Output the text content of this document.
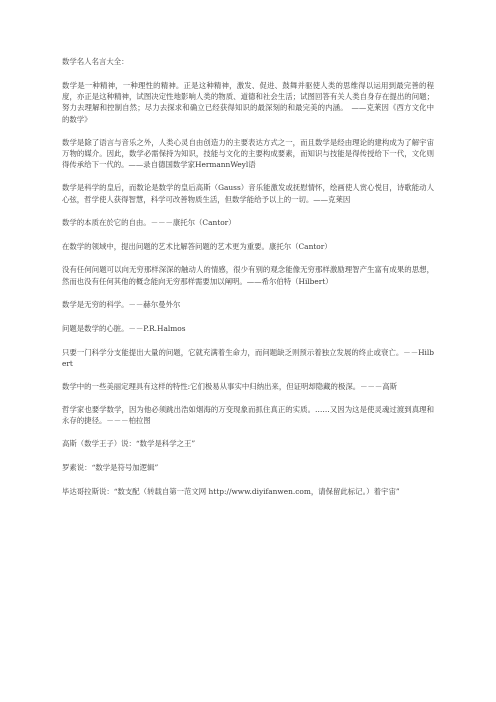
数学名人名言大全：
数学是一种精神，一种理性的精神。正是这种精神，激发、促进、鼓舞并驱使人类的思维得以运用到最完善的程度，亦正是这种精神，试图决定性地影响人类的物质、道德和社会生活；试图回答有关人类自身存在提出的问题；努力去理解和控制自然；尽力去探求和确立已经获得知识的最深刻的和最完美的内涵。　——克莱因《西方文化中的数学》
数学是除了语言与音乐之外，人类心灵自由创造力的主要表达方式之一，而且数学是经由理论的建构成为了解宇宙万物的媒介。因此，数学必需保持为知识，技能与文化的主要构成要素，而知识与技能是得传授给下一代，文化则得传承给下一代的。——录自德国数学家HermannWeyl语
数学是科学的皇后，而数论是数学的皇后高斯（Gauss）音乐能激发或抚慰情怀，绘画使人赏心悦目，诗歌能动人心弦，哲学使人获得智慧，科学可改善物质生活，但数学能给予以上的一切。——克莱因
数学的本质在於它的自由。－－－康托尔（Cantor）
在数学的领域中，提出问题的艺术比解答问题的艺术更为重要。康托尔（Cantor）
没有任何问题可以向无穷那样深深的触动人的情感，很少有别的观念能像无穷那样激励理智产生富有成果的思想，然而也没有任何其他的概念能向无穷那样需要加以阐明。——希尔伯特（Hilbert）
数学是无穷的科学。－－赫尔曼外尔
问题是数学的心脏。－－P.R.Halmos
只要一门科学分支能提出大量的问题，它就充满着生命力，而问题缺乏则预示着独立发展的终止或衰亡。－－Hilbert
数学中的一些美丽定理具有这样的特性:它们极易从事实中归纳出来，但证明却隐藏的极深。－－－高斯
哲学家也要学数学，因为他必须跳出浩如烟海的万变现象而抓住真正的实质。……又因为这是使灵魂过渡到真理和永存的捷径。－－－柏拉图
高斯（数学王子）说：“数学是科学之王”
罗素说：“数学是符号加逻辑”
毕达哥拉斯说：“数支配（转载自第一范文网 http://www.diyifanwen.com，请保留此标记。）着宇宙”
